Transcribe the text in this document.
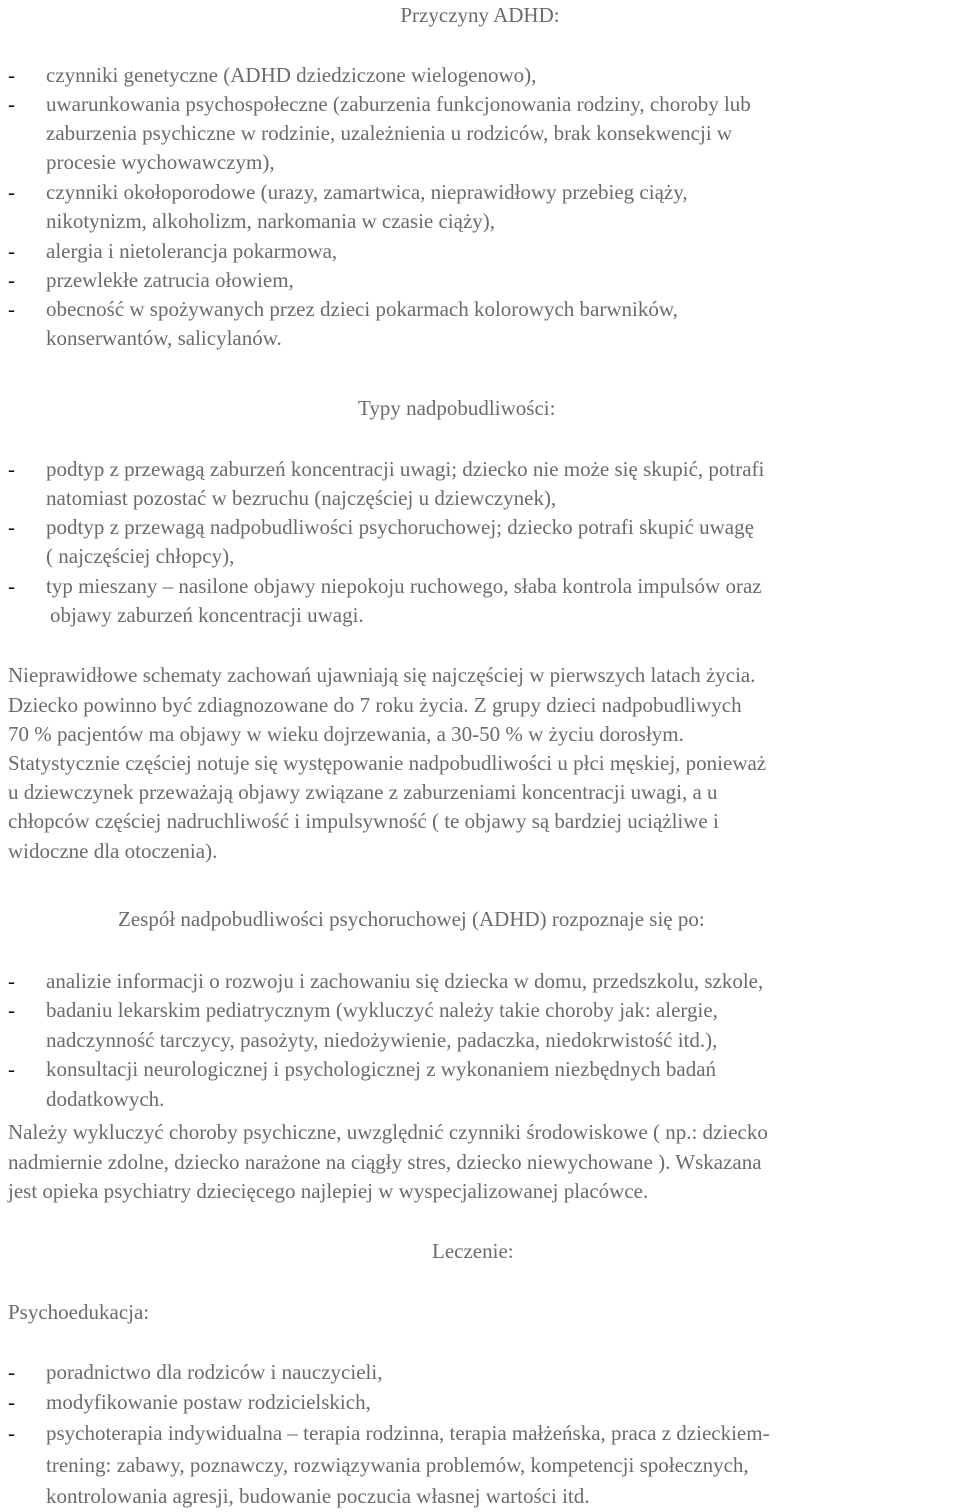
Przyczyny ADHD:
- czynniki genetyczne (ADHD dziedziczone wielogenowo),
- uwarunkowania psychospołeczne (zaburzenia funkcjonowania rodziny, choroby lub
zaburzenia psychiczne w rodzinie, uzależnienia u rodziców, brak konsekwencji w
procesie wychowawczym),
- czynniki okołoporodowe (urazy, zamartwica, nieprawidłowy przebieg ciąży,
nikotynizm, alkoholizm, narkomania w czasie ciąży),
- alergia i nietolerancja pokarmowa,
- przewlekłe zatrucia ołowiem,
- obecność w spożywanych przez dzieci pokarmach kolorowych barwników,
konserwantów, salicylanów.
Typy nadpobudliwości:
- podtyp z przewagą zaburzeń koncentracji uwagi; dziecko nie może się skupić, potrafi
natomiast pozostać w bezruchu (najczęściej u dziewczynek),
- podtyp z przewagą nadpobudliwości psychoruchowej; dziecko potrafi skupić uwagę
( najczęściej chłopcy),
- typ mieszany – nasilone objawy niepokoju ruchowego, słaba kontrola impulsów oraz
objawy zaburzeń koncentracji uwagi.
Nieprawidłowe schematy zachowań ujawniają się najczęściej w pierwszych latach życia.
Dziecko powinno być zdiagnozowane do 7 roku życia. Z grupy dzieci nadpobudliwych
70 % pacjentów ma objawy w wieku dojrzewania, a 30-50 % w życiu dorosłym.
Statystycznie częściej notuje się występowanie nadpobudliwości u płci męskiej, ponieważ
u dziewczynek przeważają objawy związane z zaburzeniami koncentracji uwagi, a u
chłopców częściej nadruchliwość i impulsywność ( te objawy są bardziej uciążliwe i
widoczne dla otoczenia).
Zespół nadpobudliwości psychoruchowej (ADHD) rozpoznaje się po:
- analizie informacji o rozwoju i zachowaniu się dziecka w domu, przedszkolu, szkole,
- badaniu lekarskim pediatrycznym (wykluczyć należy takie choroby jak: alergie,
nadczynność tarczycy, pasożyty, niedożywienie, padaczka, niedokrwistość itd.),
- konsultacji neurologicznej i psychologicznej z wykonaniem niezbędnych badań
dodatkowych.
Należy wykluczyć choroby psychiczne, uwzględnić czynniki środowiskowe ( np.: dziecko
nadmiernie zdolne, dziecko narażone na ciągły stres, dziecko niewychowane ). Wskazana
jest opieka psychiatry dziecięcego najlepiej w wyspecjalizowanej placówce.
Leczenie:
Psychoedukacja:
- poradnictwo dla rodziców i nauczycieli,
- modyfikowanie postaw rodzicielskich,
- psychoterapia indywidualna – terapia rodzinna, terapia małżeńska, praca z dzieckiem-
trening: zabawy, poznawczy, rozwiązywania problemów, kompetencji społecznych,
kontrolowania agresji, budowanie poczucia własnej wartości itd.
